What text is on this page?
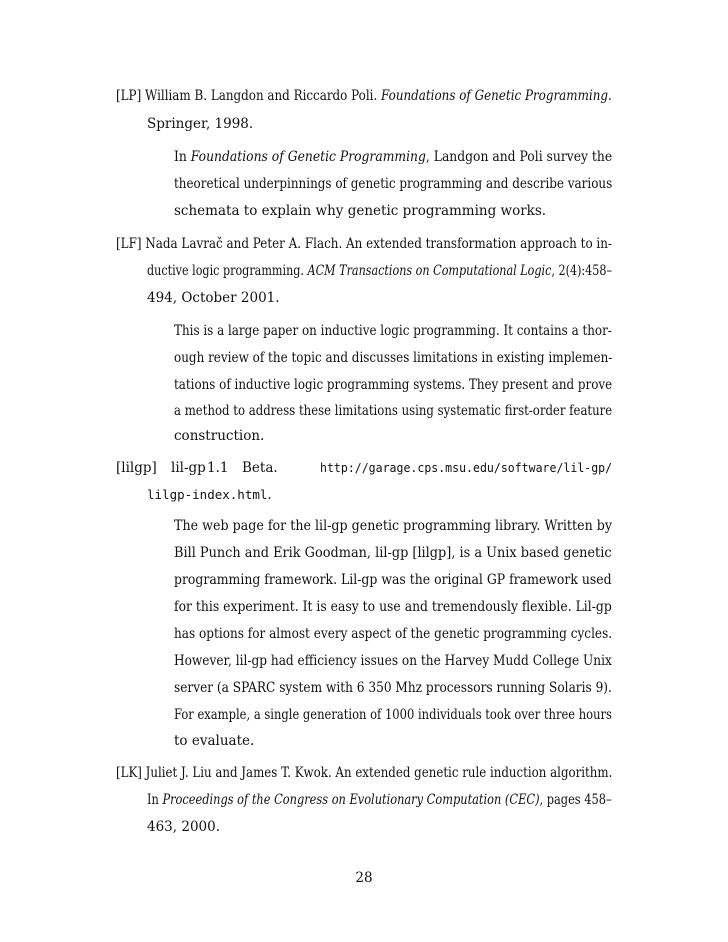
[LP] William B. Langdon and Riccardo Poli. Foundations of Genetic Programming.
Springer, 1998.
In Foundations of Genetic Programming, Landgon and Poli survey the
theoretical underpinnings of genetic programming and describe various
schemata to explain why genetic programming works.
[LF] Nada Lavrač and Peter A. Flach. An extended transformation approach to in-
ductive logic programming. ACM Transactions on Computational Logic, 2(4):458–
494, October 2001.
This is a large paper on inductive logic programming. It contains a thor-
ough review of the topic and discusses limitations in existing implemen-
tations of inductive logic programming systems. They present and prove
a method to address these limitations using systematic first-order feature
construction.
[lilgp] lil-gp 1.1 Beta.	http://garage.cps.msu.edu/software/lil-gp/
lilgp-index.html.
The web page for the lil-gp genetic programming library. Written by
Bill Punch and Erik Goodman, lil-gp [lilgp], is a Unix based genetic
programming framework. Lil-gp was the original GP framework used
for this experiment. It is easy to use and tremendously flexible. Lil-gp
has options for almost every aspect of the genetic programming cycles.
However, lil-gp had efficiency issues on the Harvey Mudd College Unix
server (a SPARC system with 6 350 Mhz processors running Solaris 9).
For example, a single generation of 1000 individuals took over three hours
to evaluate.
[LK] Juliet J. Liu and James T. Kwok. An extended genetic rule induction algorithm.
In Proceedings of the Congress on Evolutionary Computation (CEC), pages 458–
463, 2000.
28
